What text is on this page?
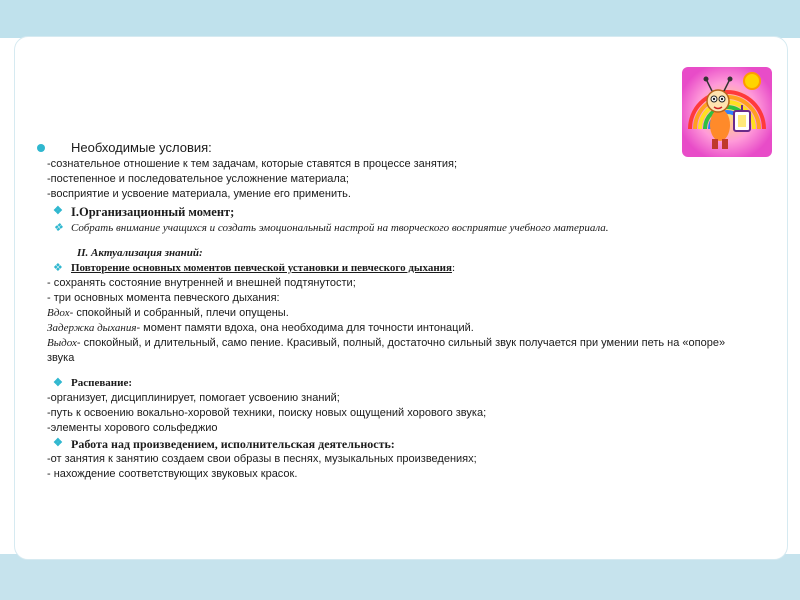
Необходимые условия:
-сознательное отношение к тем задачам, которые ставятся в процессе занятия;
-постепенное и последовательное усложнение материала;
-восприятие и усвоение материала, умение его применить.
❖ I.Организационный момент;
❖ Собрать внимание учащихся и создать эмоциональный настрой на творческого восприятие учебного материала.
II. Актуализация знаний:
❖ Повторение основных моментов певческой установки и певческого дыхания:
- сохранять состояние внутренней и внешней подтянутости;
- три основных момента певческого дыхания:
Вдох- спокойный и собранный, плечи опущены.
Задержка дыхания- момент памяти вдоха, она необходима для точности интонаций.
Выдох- спокойный, и длительный, само пение. Красивый, полный, достаточно сильный звук получается при умении петь на «опоре» звука
❖ Распевание:
-организует, дисциплинирует, помогает усвоению знаний;
-путь к освоению вокально-хоровой техники, поиску новых ощущений хорового звука;
-элементы хорового сольфеджио
❖ Работа над произведением, исполнительская деятельность:
-от занятия к занятию создаем свои образы в песнях, музыкальных произведениях;
- нахождение соответствующих звуковых красок.
